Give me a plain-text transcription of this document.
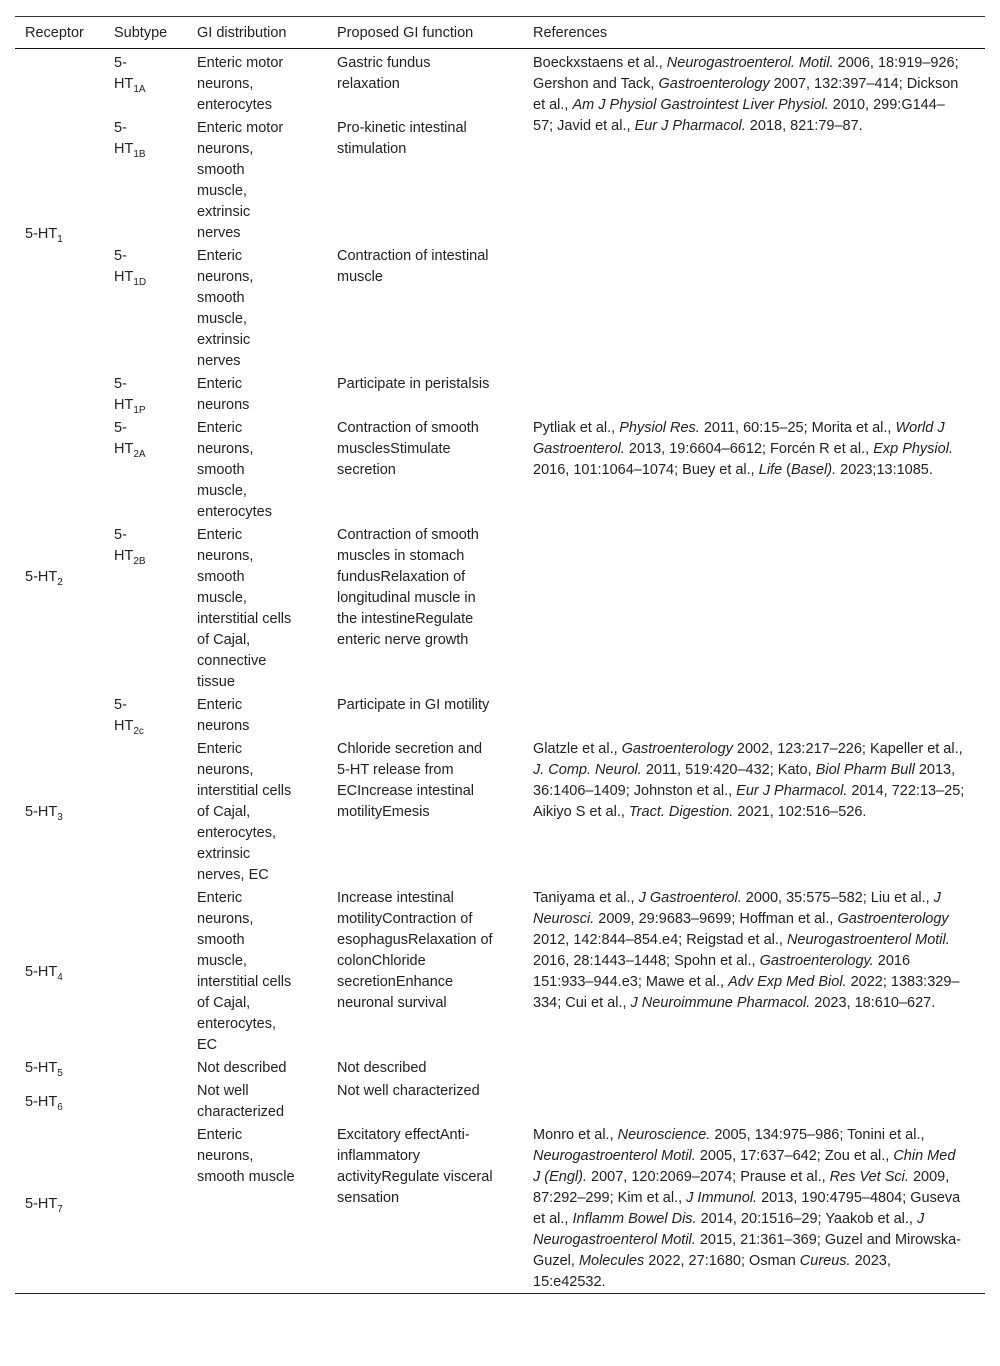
Receptor	Subtype	GI distribution	Proposed GI function	References
$5-HT_1$	$5-HT_{1A}$	Enteric motor neurons, enterocytes	Gastric fundus relaxation	Boeckxstaens et al., Neurogastroenterol. Motil. 2006, 18:919–926; Gershon and Tack, Gastroenterology 2007, 132:397–414; Dickson et al., Am J Physiol Gastrointest Liver Physiol. 2010, 299:G144–57; Javid et al., Eur J Pharmacol. 2018, 821:79–87.
	$5-HT_{1B}$	Enteric motor neurons, smooth muscle, extrinsic nerves	Pro-kinetic intestinal stimulation	
	$5-HT_{1D}$	Enteric neurons, smooth muscle, extrinsic nerves	Contraction of intestinal muscle	
	$5-HT_{1P}$	Enteric neurons	Participate in peristalsis	
$5-HT_2$	$5-HT_{2A}$	Enteric neurons, smooth muscle, enterocytes	Contraction of smooth musclesStimulate secretion	Pytliak et al., Physiol Res. 2011, 60:15–25; Morita et al., World J Gastroenterol. 2013, 19:6604–6612; Forcén R et al., Exp Physiol. 2016, 101:1064–1074; Buey et al., Life (Basel). 2023;13:1085.
	$5-HT_{2B}$	Enteric neurons, smooth muscle, interstitial cells of Cajal, connective tissue	Contraction of smooth muscles in stomach fundusRelaxation of longitudinal muscle in the intestineRegulate enteric nerve growth	
	$5-HT_{2c}$	Enteric neurons	Participate in GI motility	
$5-HT_3$		Enteric neurons, interstitial cells of Cajal, enterocytes, extrinsic nerves, EC	Chloride secretion and 5-HT release from ECIncrease intestinal motilityEmesis	Glatzle et al., Gastroenterology 2002, 123:217–226; Kapeller et al., J. Comp. Neurol. 2011, 519:420–432; Kato, Biol Pharm Bull 2013, 36:1406–1409; Johnston et al., Eur J Pharmacol. 2014, 722:13–25; Aikiyo S et al., Tract. Digestion. 2021, 102:516–526.
$5-HT_4$		Enteric neurons, smooth muscle, interstitial cells of Cajal, enterocytes, EC	Increase intestinal motilityContraction of esophagusRelaxation of colonChloride secretionEnhance neuronal survival	Taniyama et al., J Gastroenterol. 2000, 35:575–582; Liu et al., J Neurosci. 2009, 29:9683–9699; Hoffman et al., Gastroenterology 2012, 142:844–854.e4; Reigstad et al., Neurogastroenterol Motil. 2016, 28:1443–1448; Spohn et al., Gastroenterology. 2016 151:933–944.e3; Mawe et al., Adv Exp Med Biol. 2022; 1383:329–334; Cui et al., J Neuroimmune Pharmacol. 2023, 18:610–627.
$5-HT_5$		Not described	Not described	
$5-HT_6$		Not well characterized	Not well characterized	
$5-HT_7$		Enteric neurons, smooth muscle	Excitatory effectAnti-inflammatory activityRegulate visceral sensation	Monro et al., Neuroscience. 2005, 134:975–986; Tonini et al., Neurogastroenterol Motil. 2005, 17:637–642; Zou et al., Chin Med J (Engl). 2007, 120:2069–2074; Prause et al., Res Vet Sci. 2009, 87:292–299; Kim et al., J Immunol. 2013, 190:4795–4804; Guseva et al., Inflamm Bowel Dis. 2014, 20:1516–29; Yaakob et al., J Neurogastroenterol Motil. 2015, 21:361–369; Guzel and Mirowska-Guzel, Molecules 2022, 27:1680; Osman Cureus. 2023, 15:e42532.
